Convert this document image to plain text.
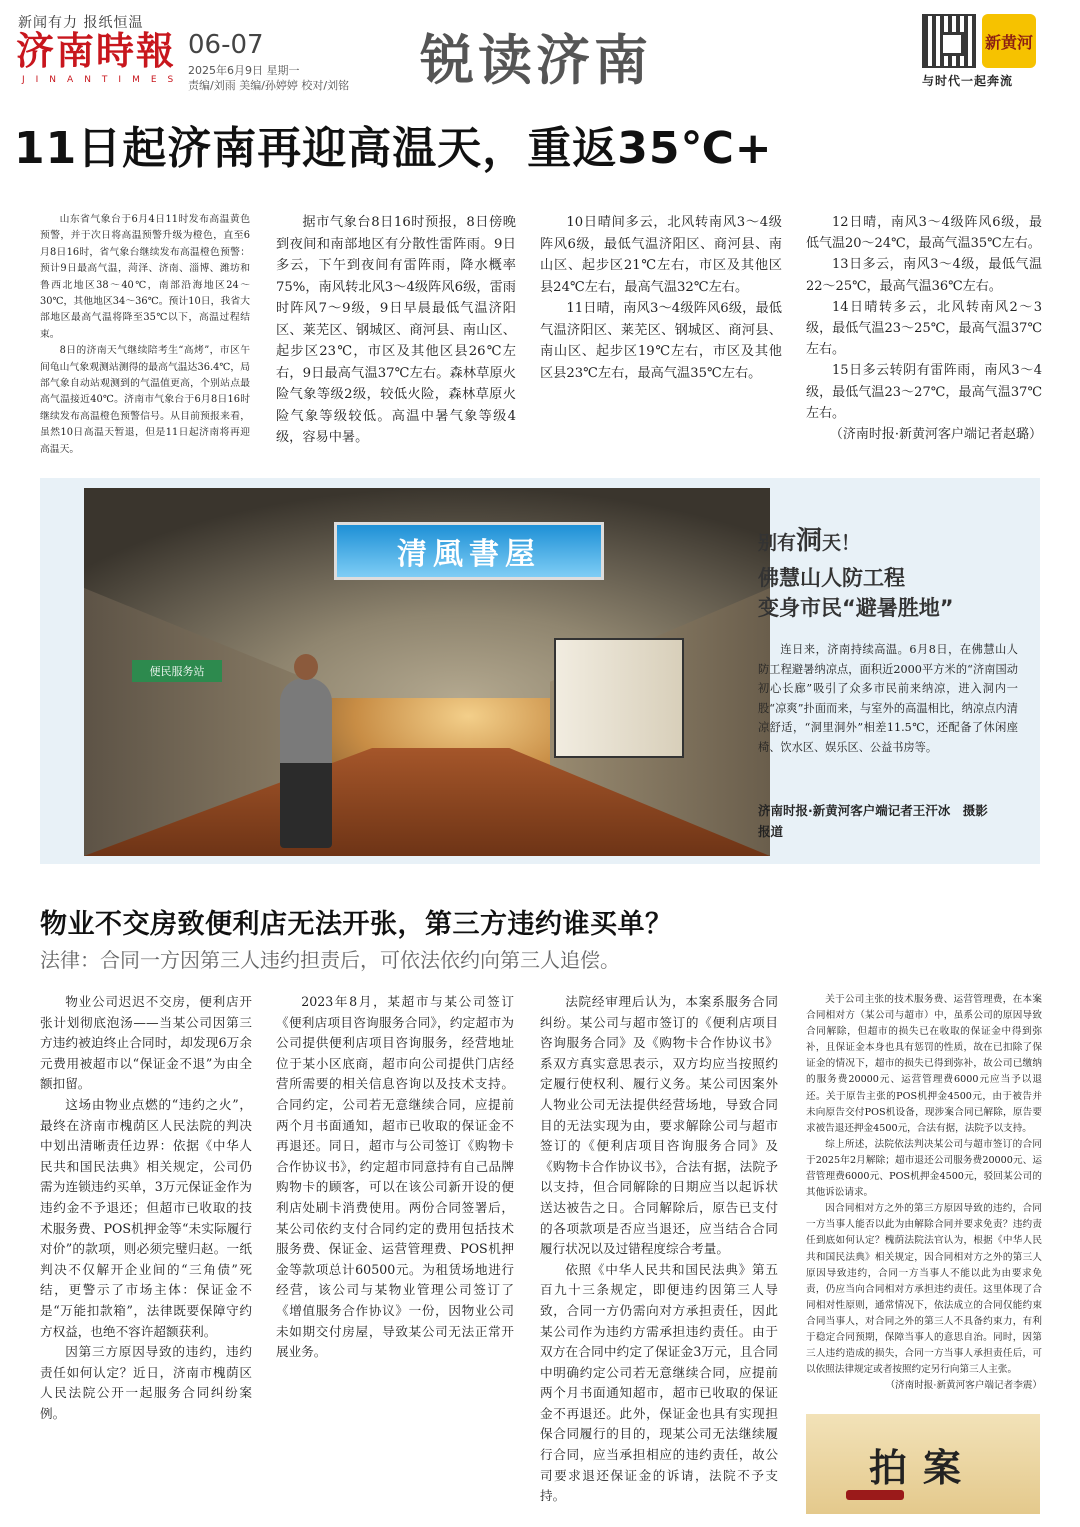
新闻有力 报纸恒温
济南時報
JINANTIMES
06-07
2025年6月9日 星期一
责编/刘雨 美编/孙婷婷 校对/刘铭 锐读济南	新黄河
与时代一起奔流
11日起济南再迎高温天，重返35℃+

山东省气象台于6月4日11时发布高温黄色预警，并于次日将高温预警升级为橙色，直至6月8日16时，省气象台继续发布高温橙色预警：预计9日最高气温，菏泽、济南、淄博、潍坊和鲁西北地区38～40℃，南部沿海地区24～30℃，其他地区34～36℃。预计10日，我省大部地区最高气温将降至35℃以下，高温过程结束。

8日的济南天气继续陪考生“高烤”，市区午间龟山气象观测站测得的最高气温达36.4℃，局部气象自动站观测到的气温值更高，个别站点最高气温接近40℃。济南市气象台于6月8日16时继续发布高温橙色预警信号。从目前预报来看，虽然10日高温天暂退，但是11日起济南将再迎高温天。

据市气象台8日16时预报，8日傍晚到夜间和南部地区有分散性雷阵雨。9日多云，下午到夜间有雷阵雨，降水概率75%，南风转北风3～4级阵风6级，雷雨时阵风7～9级，9日早晨最低气温济阳区、莱芜区、钢城区、商河县、南山区、起步区23℃，市区及其他区县26℃左右，9日最高气温37℃左右。森林草原火险气象等级2级，较低火险，森林草原火险气象等级较低。高温中暑气象等级4级，容易中暑。

10日晴间多云，北风转南风3～4级阵风6级，最低气温济阳区、商河县、南山区、起步区21℃左右，市区及其他区县24℃左右，最高气温32℃左右。

11日晴，南风3～4级阵风6级，最低气温济阳区、莱芜区、钢城区、商河县、南山区、起步区19℃左右，市区及其他区县23℃左右，最高气温35℃左右。

12日晴，南风3～4级阵风6级，最低气温20～24℃，最高气温35℃左右。

13日多云，南风3～4级，最低气温22～25℃，最高气温36℃左右。

14日晴转多云，北风转南风2～3级，最低气温23～25℃，最高气温37℃左右。

15日多云转阴有雷阵雨，南风3～4级，最低气温23～27℃，最高气温37℃左右。

（济南时报·新黄河客户端记者赵璐）

清風書屋
便民服务站
别有洞天！
佛慧山人防工程
变身市民“避暑胜地”

连日来，济南持续高温。6月8日，在佛慧山人防工程避暑纳凉点，面积近2000平方米的“济南国动初心长廊”吸引了众多市民前来纳凉，进入洞内一股“凉爽”扑面而来，与室外的高温相比，纳凉点内清凉舒适，“洞里洞外”相差11.5℃，还配备了休闲座椅、饮水区、娱乐区、公益书房等。

济南时报·新黄河客户端记者王汗冰　摄影报道
物业不交房致便利店无法开张，第三方违约谁买单？
法律：合同一方因第三人违约担责后，可依法依约向第三人追偿。

物业公司迟迟不交房，便利店开张计划彻底泡汤——当某公司因第三方违约被迫终止合同时，却发现6万余元费用被超市以“保证金不退”为由全额扣留。

这场由物业点燃的“违约之火”，最终在济南市槐荫区人民法院的判决中划出清晰责任边界：依据《中华人民共和国民法典》相关规定，公司仍需为连锁违约买单，3万元保证金作为违约金不予退还；但超市已收取的技术服务费、POS机押金等“未实际履行对价”的款项，则必须完璧归赵。一纸判决不仅解开企业间的“三角债”死结，更警示了市场主体：保证金不是“万能扣款箱”，法律既要保障守约方权益，也绝不容许超额获利。

因第三方原因导致的违约，违约责任如何认定？近日，济南市槐荫区人民法院公开一起服务合同纠纷案例。

2023年8月，某超市与某公司签订《便利店项目咨询服务合同》，约定超市为公司提供便利店项目咨询服务，经营地址位于某小区底商，超市向公司提供门店经营所需要的相关信息咨询以及技术支持。合同约定，公司若无意继续合同，应提前两个月书面通知，超市已收取的保证金不再退还。同日，超市与公司签订《购物卡合作协议书》，约定超市同意持有自己品牌购物卡的顾客，可以在该公司新开设的便利店处刷卡消费使用。两份合同签署后，某公司依约支付合同约定的费用包括技术服务费、保证金、运营管理费、POS机押金等款项总计60500元。为租赁场地进行经营，该公司与某物业管理公司签订了《增值服务合作协议》一份，因物业公司未如期交付房屋，导致某公司无法正常开展业务。

法院经审理后认为，本案系服务合同纠纷。某公司与超市签订的《便利店项目咨询服务合同》及《购物卡合作协议书》系双方真实意思表示，双方均应当按照约定履行使权利、履行义务。某公司因案外人物业公司无法提供经营场地，导致合同目的无法实现为由，要求解除公司与超市签订的《便利店项目咨询服务合同》及《购物卡合作协议书》，合法有据，法院予以支持，但合同解除的日期应当以起诉状送达被告之日。合同解除后，原告已支付的各项款项是否应当退还，应当结合合同履行状况以及过错程度综合考量。

依照《中华人民共和国民法典》第五百九十三条规定，即便违约因第三人导致，合同一方仍需向对方承担责任，因此某公司作为违约方需承担违约责任。由于双方在合同中约定了保证金3万元，且合同中明确约定公司若无意继续合同，应提前两个月书面通知超市，超市已收取的保证金不再退还。此外，保证金也具有实现担保合同履行的目的，现某公司无法继续履行合同，应当承担相应的违约责任，故公司要求退还保证金的诉请，法院不予支持。

关于公司主张的技术服务费、运营管理费，在本案合同相对方（某公司与超市）中，虽系公司的原因导致合同解除，但超市的损失已在收取的保证金中得到弥补，且保证金本身也具有惩罚的性质，故在已扣除了保证金的情况下，超市的损失已得到弥补，故公司已缴纳的服务费20000元、运营管理费6000元应当予以退还。关于原告主张的POS机押金4500元，由于被告并未向原告交付POS机设备，现涉案合同已解除，原告要求被告退还押金4500元，合法有据，法院予以支持。

综上所述，法院依法判决某公司与超市签订的合同于2025年2月解除；超市退还公司服务费20000元、运营管理费6000元、POS机押金4500元，驳回某公司的其他诉讼请求。

因合同相对方之外的第三方原因导致的违约，合同一方当事人能否以此为由解除合同并要求免责？违约责任到底如何认定？槐荫法院法官认为，根据《中华人民共和国民法典》相关规定，因合同相对方之外的第三人原因导致违约，合同一方当事人不能以此为由要求免责，仍应当向合同相对方承担违约责任。这里体现了合同相对性原则，通常情况下，依法成立的合同仅能约束合同当事人，对合同之外的第三人不具备约束力，有利于稳定合同预期，保障当事人的意思自治。同时，因第三人违约造成的损失，合同一方当事人承担责任后，可以依照法律规定或者按照约定另行向第三人主张。

（济南时报·新黄河客户端记者李震）

拍案
